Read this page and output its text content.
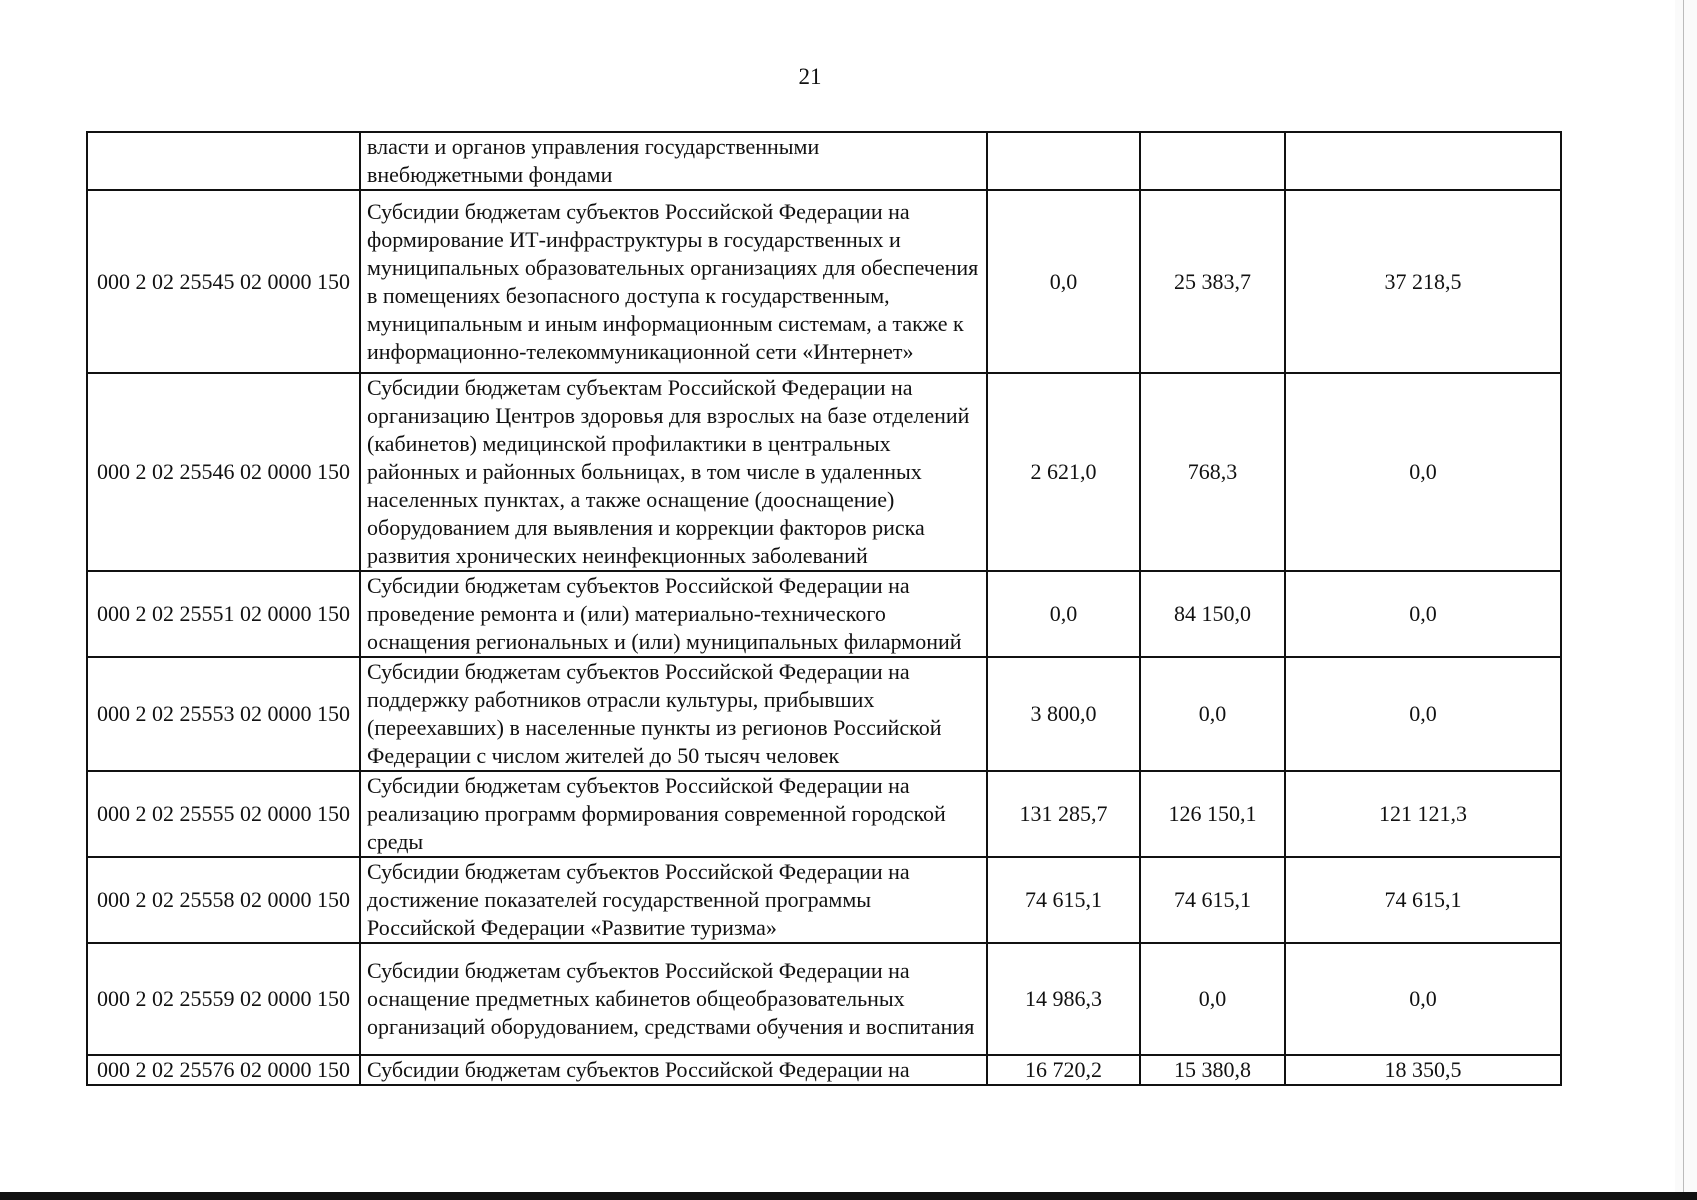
21
	власти и органов управления государственными внебюджетными фондами			
000 2 02 25545 02 0000 150	Субсидии бюджетам субъектов Российской Федерации на формирование ИТ-инфраструктуры в государственных и муниципальных образовательных организациях для обеспечения в помещениях безопасного доступа к государственным, муниципальным и иным информационным системам, а также к информационно-телекоммуникационной сети «Интернет»	0,0	25 383,7	37 218,5
000 2 02 25546 02 0000 150	Субсидии бюджетам субъектам Российской Федерации на организацию Центров здоровья для взрослых на базе отделений (кабинетов) медицинской профилактики в центральных районных и районных больницах, в том числе в удаленных населенных пунктах, а также оснащение (дооснащение) оборудованием для выявления и коррекции факторов риска развития хронических неинфекционных заболеваний	2 621,0	768,3	0,0
000 2 02 25551 02 0000 150	Субсидии бюджетам субъектов Российской Федерации на проведение ремонта и (или) материально-технического оснащения региональных и (или) муниципальных филармоний	0,0	84 150,0	0,0
000 2 02 25553 02 0000 150	Субсидии бюджетам субъектов Российской Федерации на поддержку работников отрасли культуры, прибывших (переехавших) в населенные пункты из регионов Российской Федерации с числом жителей до 50 тысяч человек	3 800,0	0,0	0,0
000 2 02 25555 02 0000 150	Субсидии бюджетам субъектов Российской Федерации на реализацию программ формирования современной городской среды	131 285,7	126 150,1	121 121,3
000 2 02 25558 02 0000 150	Субсидии бюджетам субъектов Российской Федерации на достижение показателей государственной программы Российской Федерации «Развитие туризма»	74 615,1	74 615,1	74 615,1
000 2 02 25559 02 0000 150	Субсидии бюджетам субъектов Российской Федерации на оснащение предметных кабинетов общеобразовательных организаций оборудованием, средствами обучения и воспитания	14 986,3	0,0	0,0
000 2 02 25576 02 0000 150	Субсидии бюджетам субъектов Российской Федерации на	16 720,2	15 380,8	18 350,5
